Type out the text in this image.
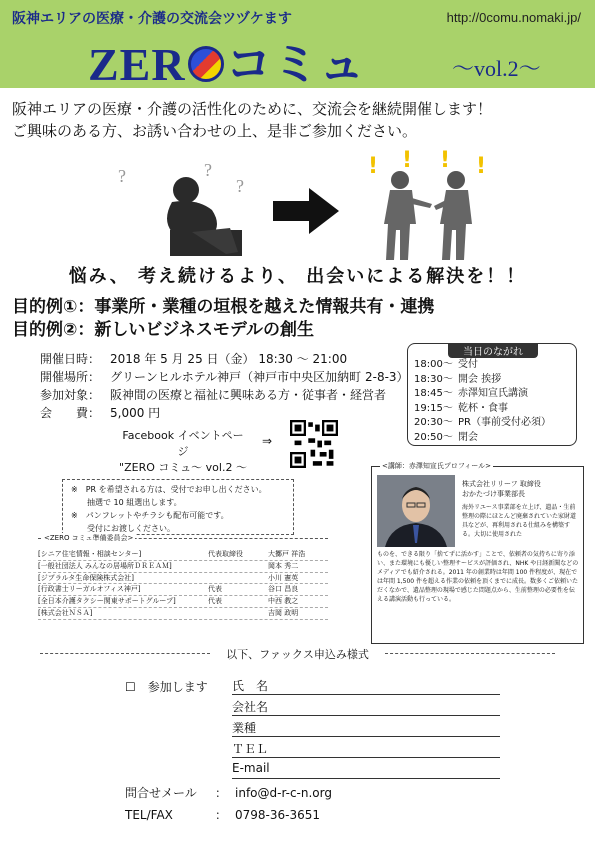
阪神エリアの医療・介護の交流会ツヅケます	http://0comu.nomaki.jp/
ZER コミュ	～vol.2～
阪神エリアの医療・介護の活性化のために、交流会を継続開催します！
ご興味のある方、お誘い合わせの上、是非ご参加ください。
?	?
?
! ! ! !
悩み、 考え続けるより、 出会いによる解決を！！
目的例①：事業所・業種の垣根を越えた情報共有・連携
目的例②：新しいビジネスモデルの創生
開催日時： 2018 年 5 月 25 日（金） 18:30 ～ 21:00
開催場所： グリーンヒルホテル神戸（神戸市中央区加納町 2-8-3）
参加対象： 阪神間の医療と福祉に興味ある方・従事者・経営者
会　　費： 5,000 円
Facebook イベントページ
"ZERO コミュ～ vol.2 ～
⇒
当日のながれ
18:00～ 受付
18:30～ 開会 挨拶
18:45～ 赤澤知宣氏講演
19:15～ 乾杯・食事
20:30～ PR（事前受付必須）
20:50～ 閉会
※　PR を希望される方は、受付でお申し出ください。
　　抽選で 10 組選出します。
※　パンフレットやチラシも配布可能です。
　　受付にお渡しください。
<講師：赤澤知宣氏プロフィール>
株式会社リリーフ 取締役
おかたづけ事業部長
海外リユース事業部を立上げ、遺品・生前整理の際にほとんど廃棄されていた家財道具などが、再利用される仕組みを構築する。大切に使用された
ものを、できる限り「捨てずに活かす」ことで、依頼者の気持ちに寄り添い、また環境にも優しい整理サービスが評価され、NHK や日経新聞などのメディアでも紹介される。2011 年の創業時は年間 100 件程度が、現在では年間 1,500 件を超える作業の依頼を頂くまでに成長。数多くご依頼いただくなかで、遺品整理の現場で感じた問題点から、生前整理の必要性を伝える講演活動も行っている。
<ZERO コミュ準備委員会>
[シニア住宅情報・相談センター]	代表取締役	大擲戸 祥浩
[一般社団法人 みんなの居場所ＤＲＥＡＭ]	岡本 秀二
[ジブラルタ生命保険株式会社]	小川 憲英
[行政書士リーガルオフィス神戸]	代表	谷口 昌良
[全日本介護タクシー関東サポートグループ]	代表	中西 教之
[株式会社ＮＳＡ]	吉岡 政明
以下、ファックス申込み様式
☐　参加します 氏　名
会社名
業種
ＴＥＬ
E-mail
問合せメール ： info@d-r-c-n.org
TEL/FAX	： 0798-36-3651
